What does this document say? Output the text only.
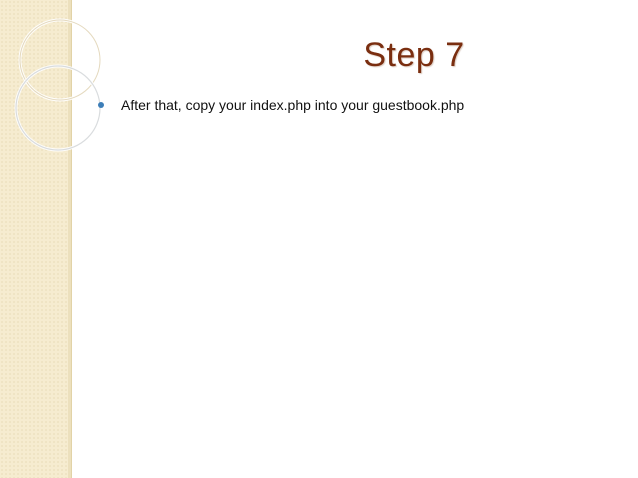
Step 7
After that, copy your index.php into your guestbook.php
